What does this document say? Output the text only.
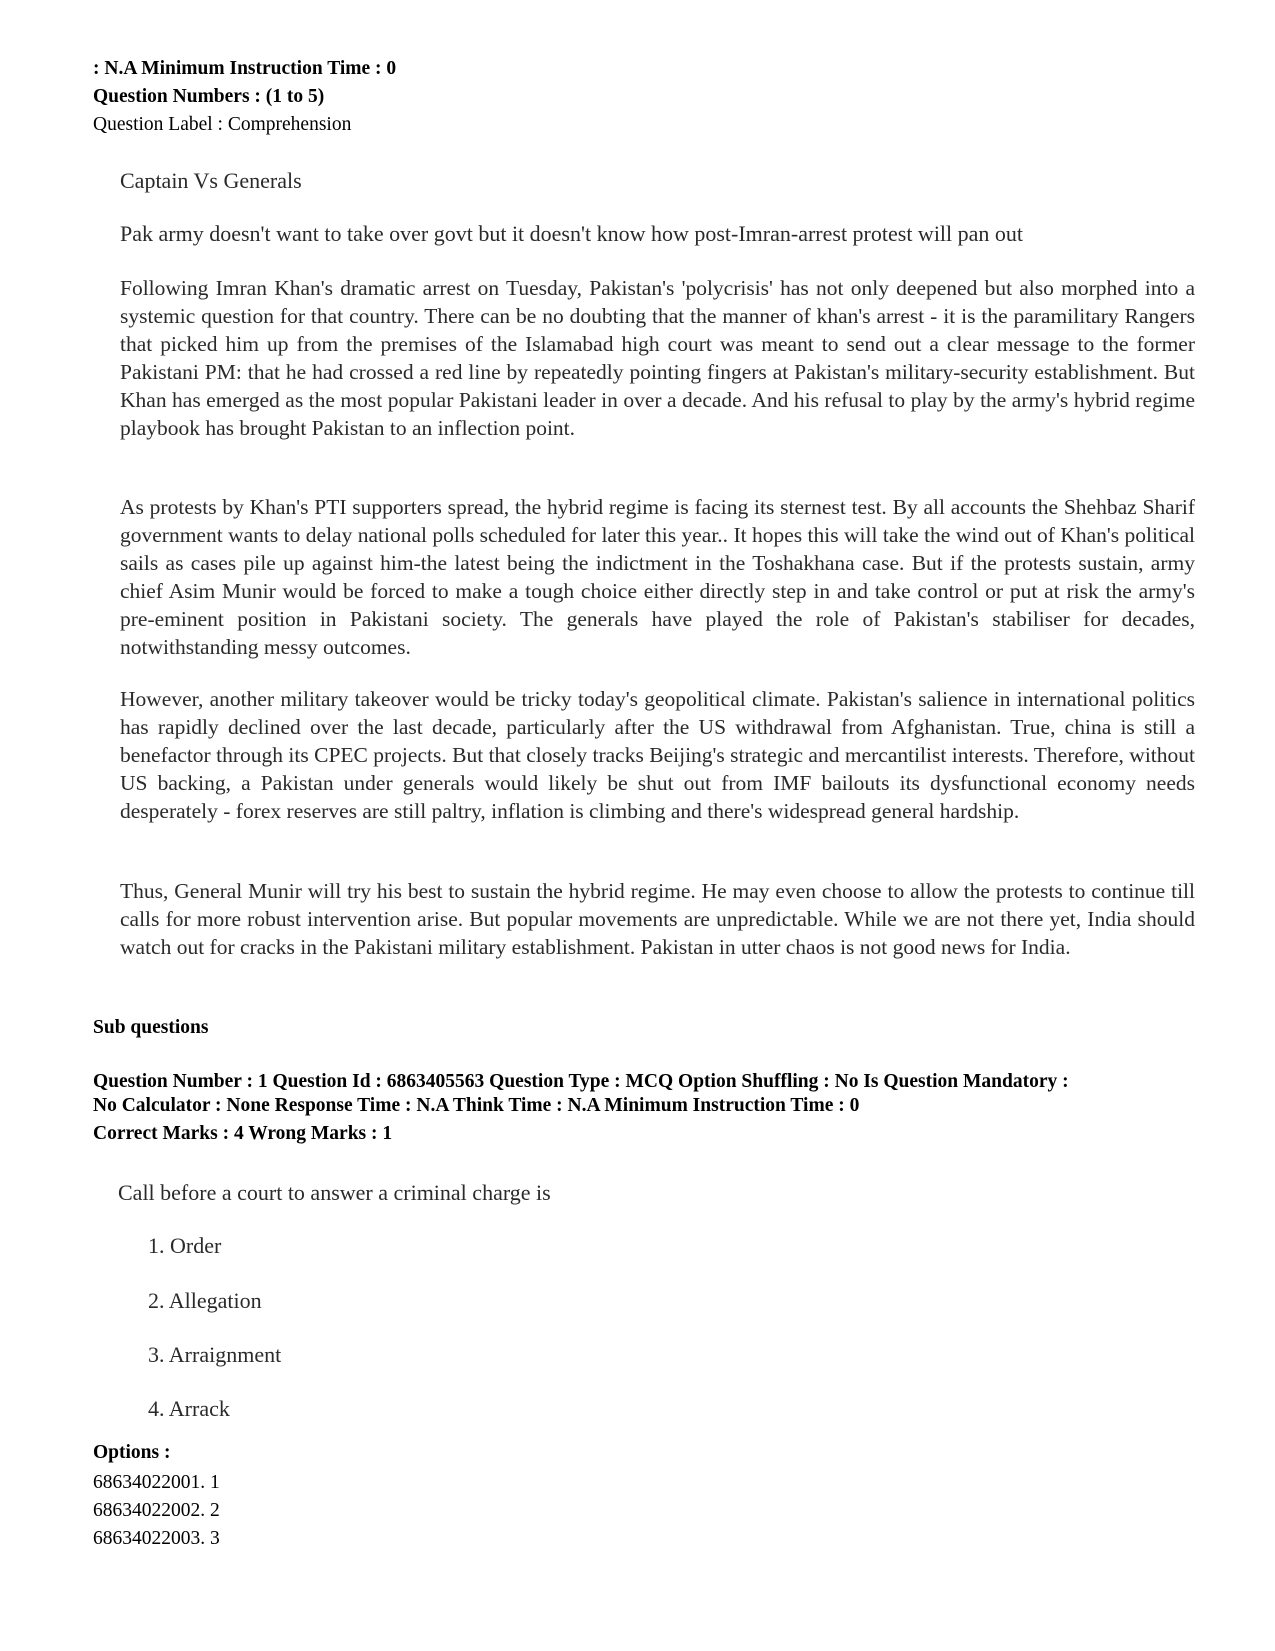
: N.A Minimum Instruction Time : 0
Question Numbers : (1 to 5)
Question Label : Comprehension
Captain Vs Generals
Pak army doesn't want to take over govt but it doesn't know how post-Imran-arrest protest will pan out
Following Imran Khan's dramatic arrest on Tuesday, Pakistan's 'polycrisis' has not only deepened but also morphed into a systemic question for that country. There can be no doubting that the manner of khan's arrest - it is the paramilitary Rangers that picked him up from the premises of the Islamabad high court was meant to send out a clear message to the former Pakistani PM: that he had crossed a red line by repeatedly pointing fingers at Pakistan's military-security establishment. But Khan has emerged as the most popular Pakistani leader in over a decade. And his refusal to play by the army's hybrid regime playbook has brought Pakistan to an inflection point.
As protests by Khan's PTI supporters spread, the hybrid regime is facing its sternest test. By all accounts the Shehbaz Sharif government wants to delay national polls scheduled for later this year.. It hopes this will take the wind out of Khan's political sails as cases pile up against him-the latest being the indictment in the Toshakhana case. But if the protests sustain, army chief Asim Munir would be forced to make a tough choice either directly step in and take control or put at risk the army's pre-eminent position in Pakistani society. The generals have played the role of Pakistan's stabiliser for decades, notwithstanding messy outcomes.
However, another military takeover would be tricky today's geopolitical climate. Pakistan's salience in international politics has rapidly declined over the last decade, particularly after the US withdrawal from Afghanistan. True, china is still a benefactor through its CPEC projects. But that closely tracks Beijing's strategic and mercantilist interests. Therefore, without US backing, a Pakistan under generals would likely be shut out from IMF bailouts its dysfunctional economy needs desperately - forex reserves are still paltry, inflation is climbing and there's widespread general hardship.
Thus, General Munir will try his best to sustain the hybrid regime. He may even choose to allow the protests to continue till calls for more robust intervention arise. But popular movements are unpredictable. While we are not there yet, India should watch out for cracks in the Pakistani military establishment. Pakistan in utter chaos is not good news for India.
Sub questions
Question Number : 1 Question Id : 6863405563 Question Type : MCQ Option Shuffling : No Is Question Mandatory :
No Calculator : None Response Time : N.A Think Time : N.A Minimum Instruction Time : 0
Correct Marks : 4 Wrong Marks : 1
Call before a court to answer a criminal charge is
1. Order
2. Allegation
3. Arraignment
4. Arrack
Options :
68634022001. 1
68634022002. 2
68634022003. 3
